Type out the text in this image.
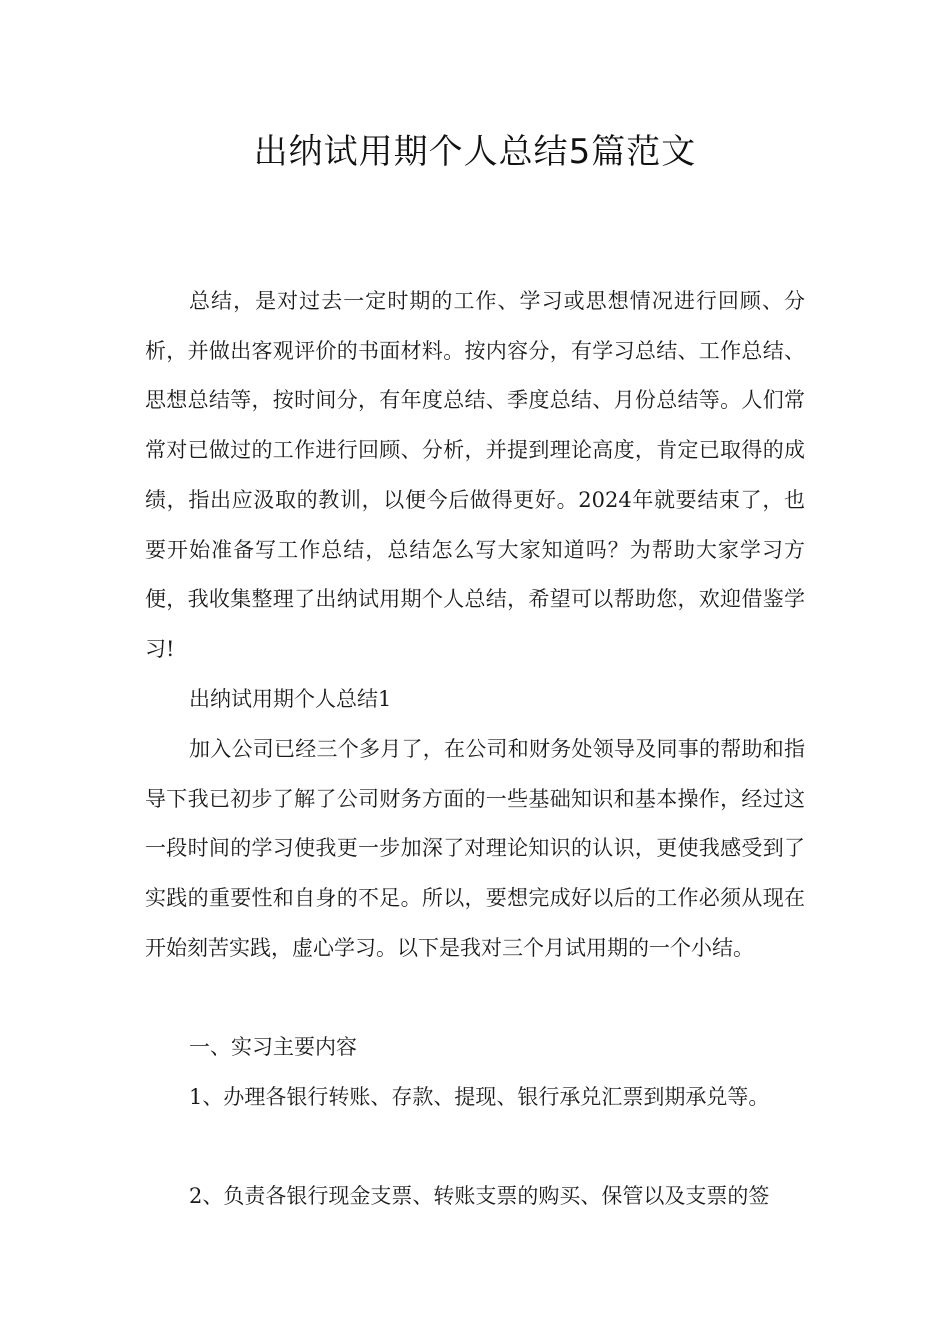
出纳试用期个人总结5篇范文

总结，是对过去一定时期的工作、学习或思想情况进行回顾、分析，并做出客观评价的书面材料。按内容分，有学习总结、工作总结、思想总结等，按时间分，有年度总结、季度总结、月份总结等。人们常常对已做过的工作进行回顾、分析，并提到理论高度，肯定已取得的成绩，指出应汲取的教训，以便今后做得更好。2024年就要结束了，也要开始准备写工作总结，总结怎么写大家知道吗？为帮助大家学习方便，我收集整理了出纳试用期个人总结，希望可以帮助您，欢迎借鉴学习!

出纳试用期个人总结1

加入公司已经三个多月了，在公司和财务处领导及同事的帮助和指导下我已初步了解了公司财务方面的一些基础知识和基本操作，经过这一段时间的学习使我更一步加深了对理论知识的认识，更使我感受到了实践的重要性和自身的不足。所以，要想完成好以后的工作必须从现在开始刻苦实践，虚心学习。以下是我对三个月试用期的一个小结。

一、实习主要内容

1、办理各银行转账、存款、提现、银行承兑汇票到期承兑等。

2、负责各银行现金支票、转账支票的购买、保管以及支票的签
